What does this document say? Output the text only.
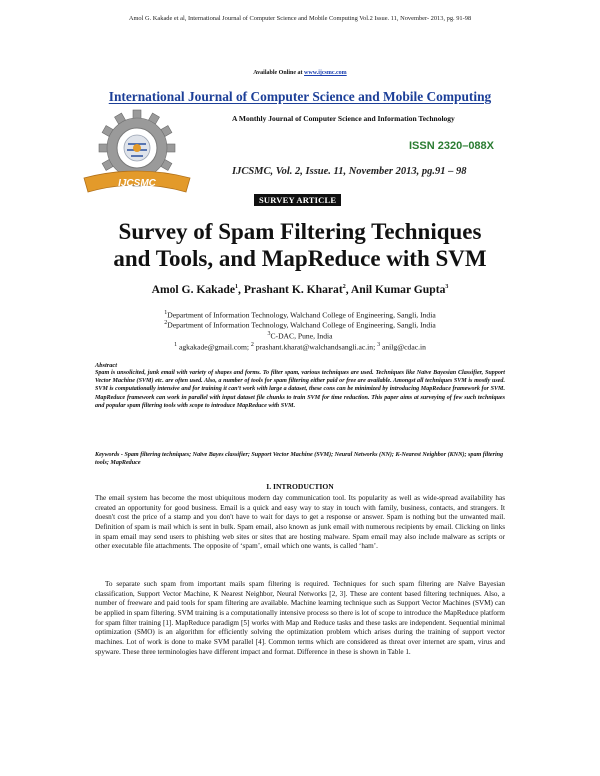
Amol G. Kakade et al, International Journal of Computer Science and Mobile Computing Vol.2 Issue. 11, November- 2013, pg. 91-98
Available Online at www.ijcsmc.com
International Journal of Computer Science and Mobile Computing
IJCSMC
A Monthly Journal of Computer Science and Information Technology
ISSN 2320–088X
IJCSMC, Vol. 2, Issue. 11, November 2013, pg.91 – 98
SURVEY ARTICLE
Survey of Spam Filtering Techniques
and Tools, and MapReduce with SVM
Amol G. Kakade$^1$, Prashant K. Kharat$^2$, Anil Kumar Gupta$^3$
$^1$Department of Information Technology, Walchand College of Engineering, Sangli, India
$^2$Department of Information Technology, Walchand College of Engineering, Sangli, India
$^3$C-DAC, Pune, India
$^1$ agkakade@gmail.com; $^2$ prashant.kharat@walchandsangli.ac.in; $^3$ anilg@cdac.in
Abstract
Spam is unsolicited, junk email with variety of shapes and forms. To filter spam, various techniques are used. Techniques like Naïve Bayesian Classifier, Support Vector Machine (SVM) etc. are often used. Also, a number of tools for spam filtering either paid or free are available. Amongst all techniques SVM is mostly used. SVM is computationally intensive and for training it can’t work with large a dataset, these cons can be minimized by introducing MapReduce framework for SVM. MapReduce framework can work in parallel with input dataset file chunks to train SVM for time reduction. This paper aims at surveying of few such techniques and popular spam filtering tools with scope to introduce MapReduce with SVM.
Keywords - Spam filtering techniques; Naïve Bayes classifier; Support Vector Machine (SVM); Neural Networks (NN); K-Nearest Neighbor (KNN); spam filtering tools; MapReduce
I. INTRODUCTION
The email system has become the most ubiquitous modern day communication tool. Its popularity as well as wide-spread availability has created an opportunity for good business. Email is a quick and easy way to stay in touch with family, business, contacts, and strangers. It doesn't cost the price of a stamp and you don't have to wait for days to get a response or answer. Spam is nothing but the unwanted mail. Definition of spam is mail which is sent in bulk. Spam email, also known as junk email with numerous recipients by email. Clicking on links in spam email may send users to phishing web sites or sites that are hosting malware. Spam email may also include malware as scripts or other executable file attachments. The opposite of ‘spam’, email which one wants, is called ‘ham’.
To separate such spam from important mails spam filtering is required. Techniques for such spam filtering are Naïve Bayesian classification, Support Vector Machine, K Nearest Neighbor, Neural Networks [2, 3]. These are content based filtering techniques. Also, a number of freeware and paid tools for spam filtering are available. Machine learning technique such as Support Vector Machines (SVM) can be applied in spam filtering. SVM training is a computationally intensive process so there is lot of scope to introduce the MapReduce platform for spam filter training [1]. MapReduce paradigm [5] works with Map and Reduce tasks and these tasks are independent. Sequential minimal optimization (SMO) is an algorithm for efficiently solving the optimization problem which arises during the training of support vector machines. Lot of work is done to make SVM parallel [4]. Common terms which are considered as threat over internet are spam, virus and spyware. These three terminologies have different impact and format. Difference in these is shown in Table 1.
